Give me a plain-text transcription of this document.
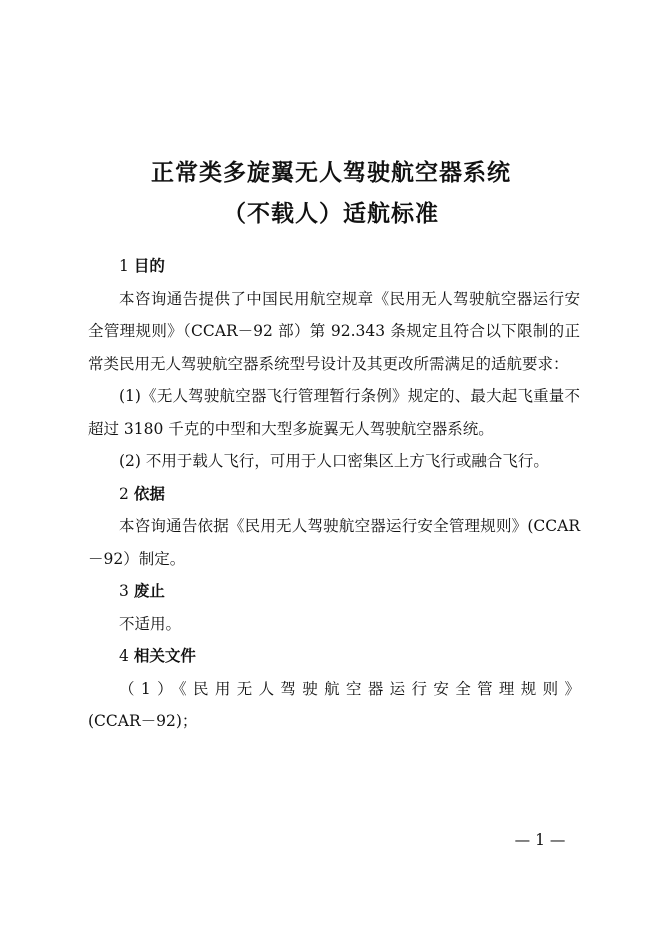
正常类多旋翼无人驾驶航空器系统
（不载人）适航标准

1 目的

本咨询通告提供了中国民用航空规章《民用无人驾驶航空器运行安全管理规则》（CCAR－92 部）第 92.343 条规定且符合以下限制的正常类民用无人驾驶航空器系统型号设计及其更改所需满足的适航要求：

(1)《无人驾驶航空器飞行管理暂行条例》规定的、最大起飞重量不超过 3180 千克的中型和大型多旋翼无人驾驶航空器系统。

(2) 不用于载人飞行，可用于人口密集区上方飞行或融合飞行。

2 依据

本咨询通告依据《民用无人驾驶航空器运行安全管理规则》(CCAR－92）制定。

3 废止

不适用。

4 相关文件

（1）《民用无人驾驶航空器运行安全管理规则》

(CCAR－92)；

— 1 —
